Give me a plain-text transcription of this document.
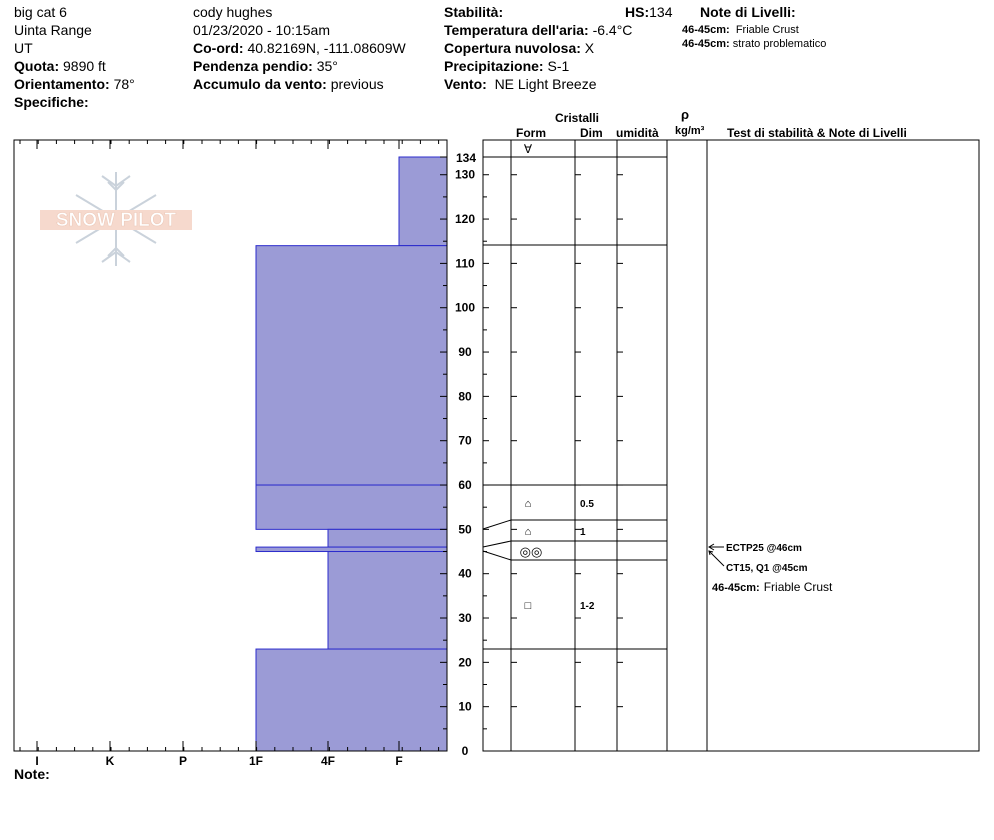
big cat 6
Uinta Range
UT
Quota: 9890 ft
Orientamento: 78°
Specifiche:
cody hughes
01/23/2020 - 10:15am
Co-ord: 40.82169N, -111.08609W
Pendenza pendio: 35°
Accumulo da vento: previous
Stabilità:
Temperatura dell'aria: -6.4°C
Copertura nuvolosa: X
Precipitazione: S-1
Vento: NE Light Breeze
HS:134 Note di Livelli:
46-45cm: Friable Crust
46-45cm: strato problematico
Cristalli
Form	Dim umidità
ρ
kg/m³ Test di stabilità & Note di Livelli
SNOW PILOT
I	K	P	1F	4F	F
0
10
20
30
40
50
60
70
80
90
100
110
120
130
134
∀
⌂	0.5
⌂	1
◎◎
□	1-2
ECTP25 @46cm
CT15, Q1 @45cm
46-45cm: Friable Crust
Note:
